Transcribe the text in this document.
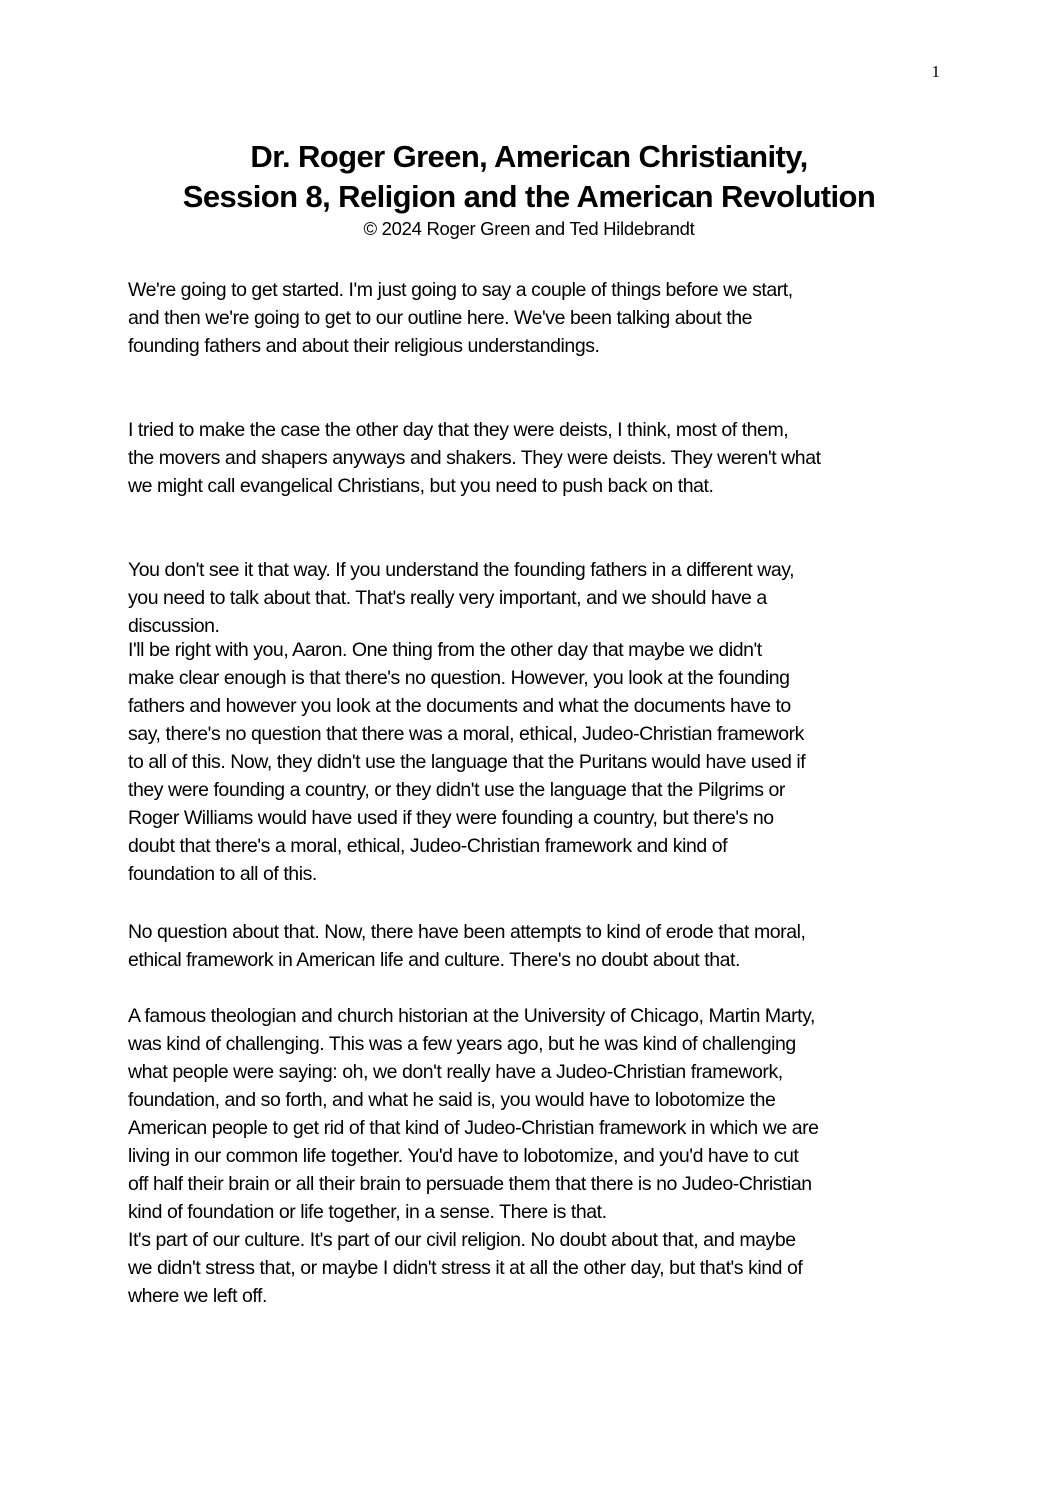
1
Dr. Roger Green, American Christianity,
Session 8, Religion and the American Revolution
© 2024 Roger Green and Ted Hildebrandt

We're going to get started. I'm just going to say a couple of things before we start,
and then we're going to get to our outline here. We've been talking about the
founding fathers and about their religious understandings.

I tried to make the case the other day that they were deists, I think, most of them,
the movers and shapers anyways and shakers. They were deists. They weren't what
we might call evangelical Christians, but you need to push back on that.

You don't see it that way. If you understand the founding fathers in a different way,
you need to talk about that. That's really very important, and we should have a
discussion.

I'll be right with you, Aaron. One thing from the other day that maybe we didn't
make clear enough is that there's no question. However, you look at the founding
fathers and however you look at the documents and what the documents have to
say, there's no question that there was a moral, ethical, Judeo-Christian framework
to all of this. Now, they didn't use the language that the Puritans would have used if
they were founding a country, or they didn't use the language that the Pilgrims or
Roger Williams would have used if they were founding a country, but there's no
doubt that there's a moral, ethical, Judeo-Christian framework and kind of
foundation to all of this.

No question about that. Now, there have been attempts to kind of erode that moral,
ethical framework in American life and culture. There's no doubt about that.

A famous theologian and church historian at the University of Chicago, Martin Marty,
was kind of challenging. This was a few years ago, but he was kind of challenging
what people were saying: oh, we don't really have a Judeo-Christian framework,
foundation, and so forth, and what he said is, you would have to lobotomize the
American people to get rid of that kind of Judeo-Christian framework in which we are
living in our common life together. You'd have to lobotomize, and you'd have to cut
off half their brain or all their brain to persuade them that there is no Judeo-Christian
kind of foundation or life together, in a sense. There is that.

It's part of our culture. It's part of our civil religion. No doubt about that, and maybe
we didn't stress that, or maybe I didn't stress it at all the other day, but that's kind of
where we left off.
